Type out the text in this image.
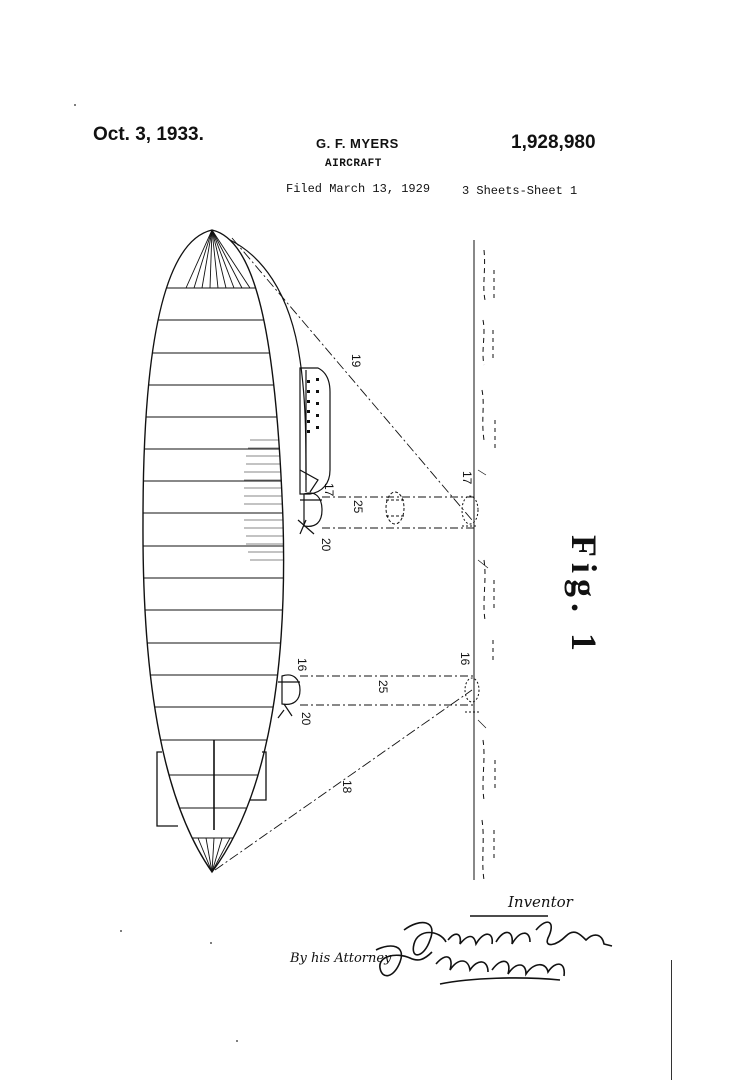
Oct. 3, 1933.	G. F. MYERS
AIRCRAFT
1,928,980
Filed March 13, 1929	3 Sheets-Sheet 1
19
18
17
17
16	16
25
25
20
20
Fig. 1
Inventor
By his Attorney
